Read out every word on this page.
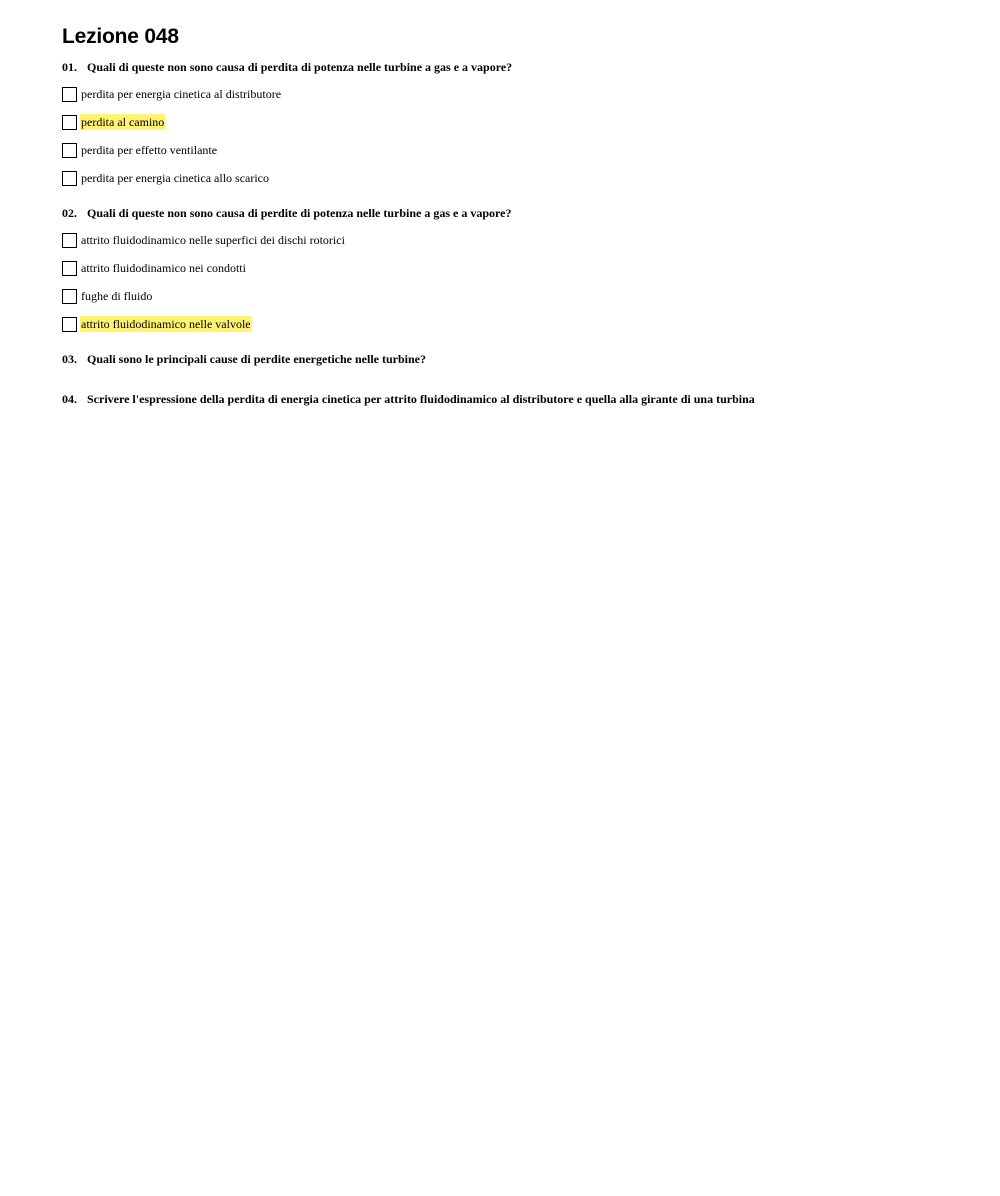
Lezione 048
01. Quali di queste non sono causa di perdita di potenza nelle turbine a gas e a vapore?
perdita per energia cinetica al distributore
perdita al camino
perdita per effetto ventilante
perdita per energia cinetica allo scarico
02. Quali di queste non sono causa di perdite di potenza nelle turbine a gas e a vapore?
attrito fluidodinamico nelle superfici dei dischi rotorici
attrito fluidodinamico nei condotti
fughe di fluido
attrito fluidodinamico nelle valvole
03. Quali sono le principali cause di perdite energetiche nelle turbine?
04. Scrivere l'espressione della perdita di energia cinetica per attrito fluidodinamico al distributore e quella alla girante di una turbina
